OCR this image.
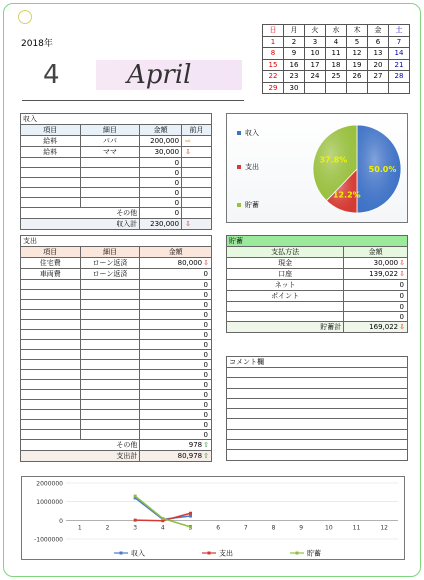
2018年
4	April
日	月	火	水	木	金	土
1	2	3	4	5	6	7
8	9	10	11	12	13	14
15	16	17	18	19	20	21
22	23	24	25	26	27	28
29	30					
収入			
項目	細目	金額	前月
給料	パパ	200,000	⇨
給料	ママ	30,000	⇩
		0	
		0	
		0	
		0	
		0	
その他		0	
収入計		230,000	⇩
収入
支出
貯蓄
50.0%
12.2%
37.8%
支出		
項目	細目	金額
住宅費	ローン返済	80,000⇩
車両費	ローン返済	0
		0
		0
		0
		0
		0
		0
		0
		0
		0
		0
		0
		0
		0
		0
		0
		0
その他		978⇧
支出計		80,978⇧
貯蓄	
支払方法	金額
現金	30,000⇩
口座	139,022⇩
ネット	0
ポイント	0
	0
	0
貯蓄計	169,022⇩
コメント欄

2000000
1000000
0
-1000000
1	2	3	4	6	7	8	9	10	11	12
収入	支出	貯蓄
